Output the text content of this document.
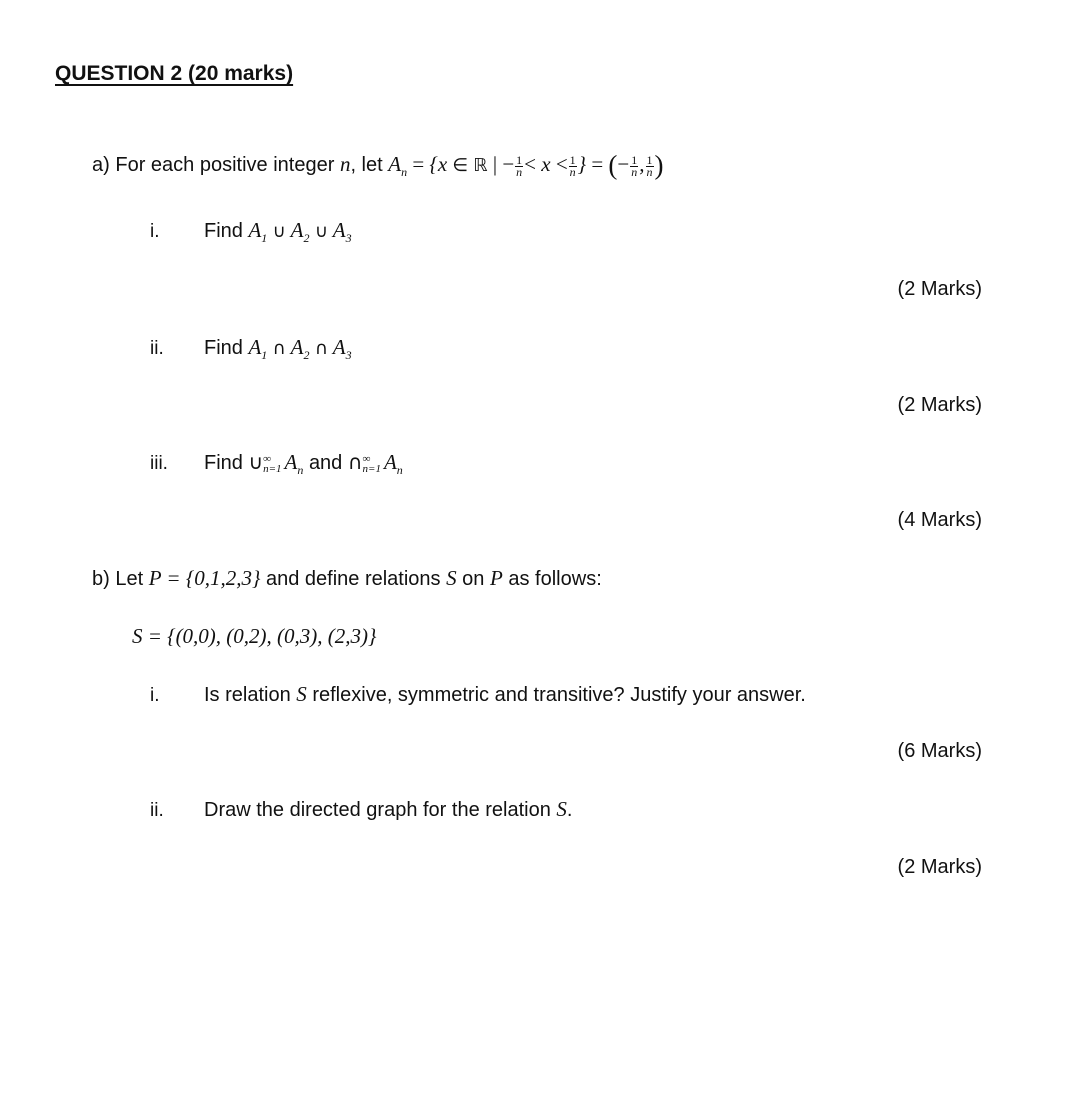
QUESTION 2 (20 marks)
a) For each positive integer n, let $A_n = \{x$ ∈ ℝ | − $\frac{1}{n} < x < \frac{1}{n}$ } = (− $\frac{1}{n}$ , $\frac{1}{n}$ )
i. Find $A_1$ ∪ $A_2$ ∪ $A_3$
(2 Marks)
ii. Find $A_1$ ∩ $A_2$ ∩ $A_3$
(2 Marks)
iii. Find ∪ ∞
n=1 $A_n$ and ∩ ∞
n=1 $A_n$
(4 Marks)
b) Let P = {0,1,2,3} and define relations S on P as follows:
S = {(0,0), (0,2), (0,3), (2,3)}
i. Is relation S reflexive, symmetric and transitive? Justify your answer.
(6 Marks)
ii. Draw the directed graph for the relation S.
(2 Marks)
